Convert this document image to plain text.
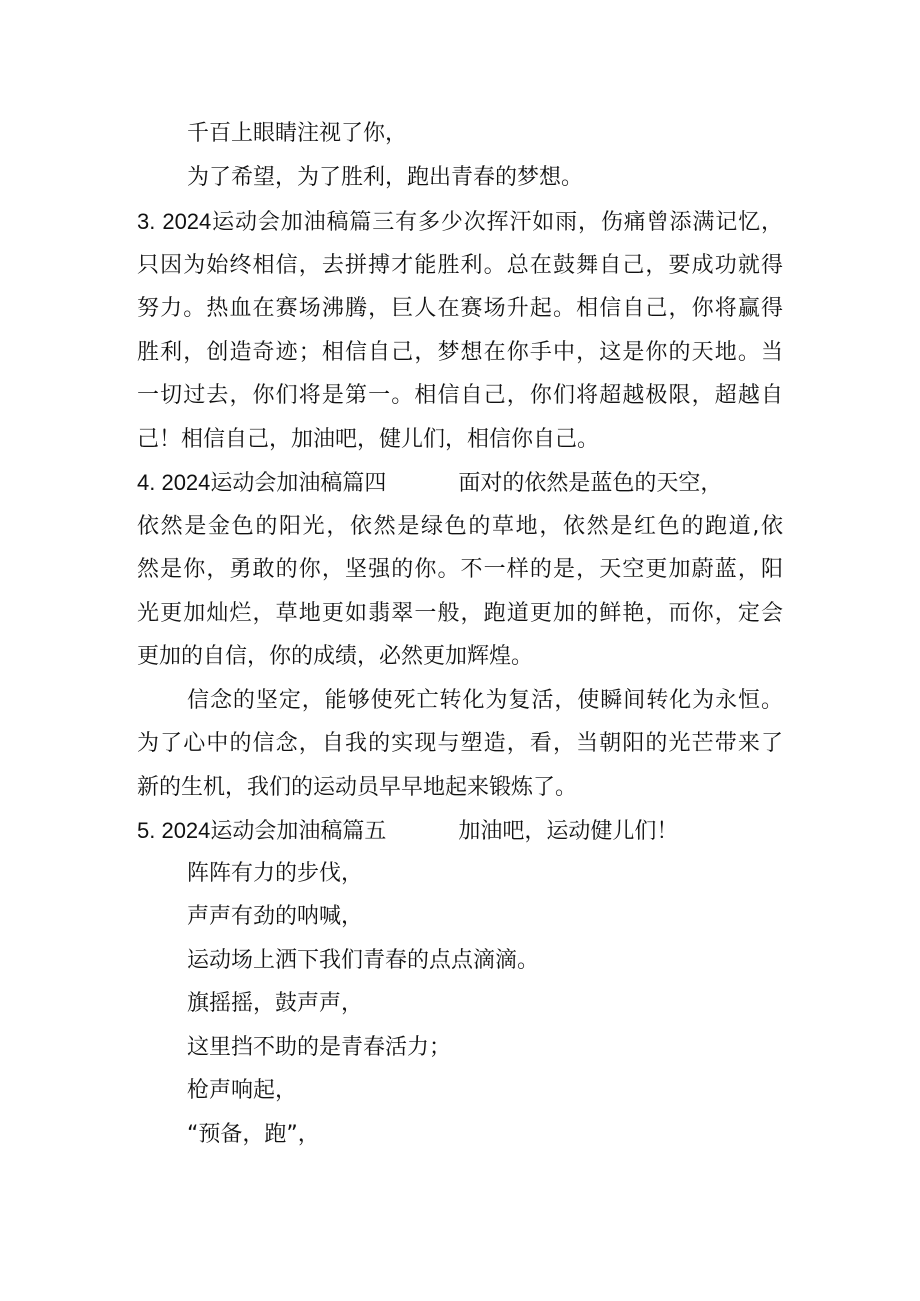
千百上眼睛注视了你，
为了希望，为了胜利，跑出青春的梦想。
3. 2024运动会加油稿篇三有多少次挥汗如雨，伤痛曾添满记忆，
只因为始终相信，去拼搏才能胜利。总在鼓舞自己，要成功就得
努力。热血在赛场沸腾，巨人在赛场升起。相信自己，你将赢得
胜利，创造奇迹；相信自己，梦想在你手中，这是你的天地。当
一切过去，你们将是第一。相信自己，你们将超越极限，超越自
己！相信自己，加油吧，健儿们，相信你自己。
4. 2024运动会加油稿篇四	面对的依然是蓝色的天空，
依然是金色的阳光，依然是绿色的草地，依然是红色的跑道,依
然是你，勇敢的你，坚强的你。不一样的是，天空更加蔚蓝，阳
光更加灿烂，草地更如翡翠一般，跑道更加的鲜艳，而你，定会
更加的自信，你的成绩，必然更加辉煌。
信念的坚定，能够使死亡转化为复活，使瞬间转化为永恒。
为了心中的信念，自我的实现与塑造，看，当朝阳的光芒带来了
新的生机，我们的运动员早早地起来锻炼了。
5. 2024运动会加油稿篇五	加油吧，运动健儿们！
阵阵有力的步伐，
声声有劲的呐喊，
运动场上洒下我们青春的点点滴滴。
旗摇摇，鼓声声，
这里挡不助的是青春活力；
枪声响起，
“预备，跑”，
